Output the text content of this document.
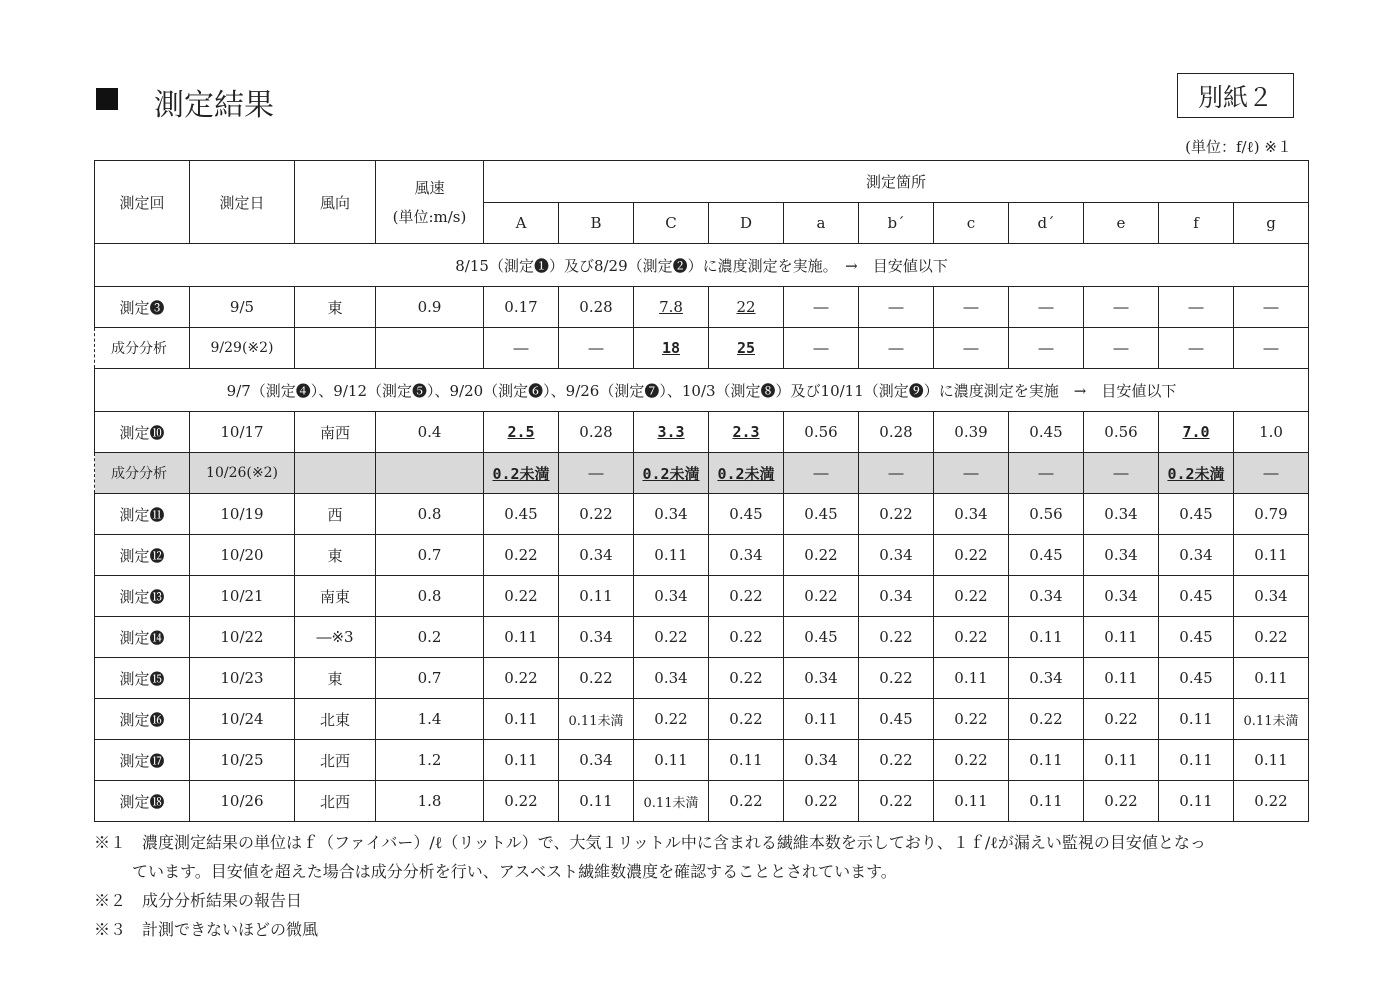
測定結果	別紙２
(単位：f/ℓ) ※１
測定回	測定日	風向	風速
(単位:m/s)	測定箇所										
				A	B	C	D	a	b´	c	d´	e	f	g
8/15（測定❶）及び8/29（測定❷）に濃度測定を実施。　→　目安値以下														
測定❸	9/5	東	0.9	0.17	0.28	7.8	22	―	―	―	―	―	―	―
成分分析	9/29(※2)			―	―	18	25	―	―	―	―	―	―	―
9/7（測定❹）、9/12（測定❺）、9/20（測定❻）、9/26（測定❼）、10/3（測定❽）及び10/11（測定❾）に濃度測定を実施　→　目安値以下														
測定❿	10/17	南西	0.4	2.5	0.28	3.3	2.3	0.56	0.28	0.39	0.45	0.56	7.0	1.0
成分分析	10/26(※2)			0.2未満	―	0.2未満	0.2未満	―	―	―	―	―	0.2未満	―
測定⓫	10/19	西	0.8	0.45	0.22	0.34	0.45	0.45	0.22	0.34	0.56	0.34	0.45	0.79
測定⓬	10/20	東	0.7	0.22	0.34	0.11	0.34	0.22	0.34	0.22	0.45	0.34	0.34	0.11
測定⓭	10/21	南東	0.8	0.22	0.11	0.34	0.22	0.22	0.34	0.22	0.34	0.34	0.45	0.34
測定⓮	10/22	―※3	0.2	0.11	0.34	0.22	0.22	0.45	0.22	0.22	0.11	0.11	0.45	0.22
測定⓯	10/23	東	0.7	0.22	0.22	0.34	0.22	0.34	0.22	0.11	0.34	0.11	0.45	0.11
測定⓰	10/24	北東	1.4	0.11	0.11未満	0.22	0.22	0.11	0.45	0.22	0.22	0.22	0.11	0.11未満
測定⓱	10/25	北西	1.2	0.11	0.34	0.11	0.11	0.34	0.22	0.22	0.11	0.11	0.11	0.11
測定⓲	10/26	北西	1.8	0.22	0.11	0.11未満	0.22	0.22	0.22	0.11	0.11	0.22	0.11	0.22
※１　濃度測定結果の単位はｆ（ファイバー）/ℓ（リットル）で、大気１リットル中に含まれる繊維本数を示しており、１ｆ/ℓが漏えい監視の目安値となっ
ています。目安値を超えた場合は成分分析を行い、アスベスト繊維数濃度を確認することとされています。
※２　成分分析結果の報告日
※３　計測できないほどの微風
